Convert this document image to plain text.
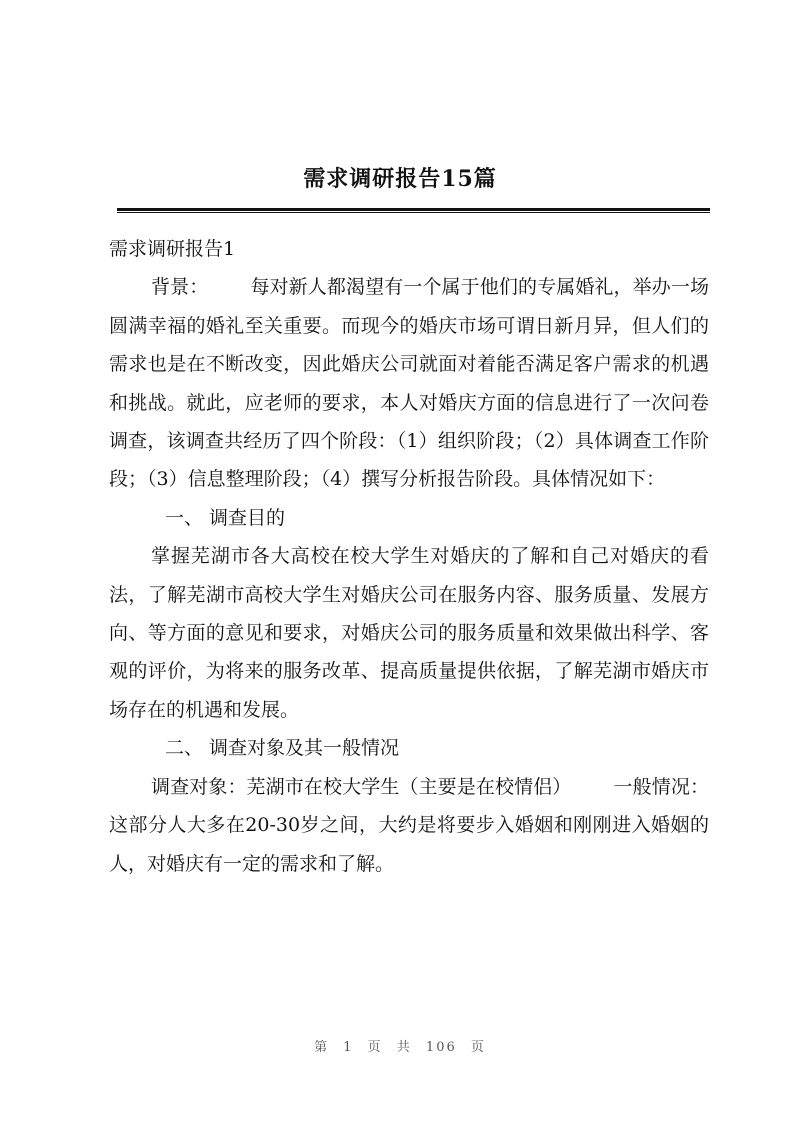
需求调研报告15篇

需求调研报告1

背景： 每对新人都渴望有一个属于他们的专属婚礼，举办一场圆满幸福的婚礼至关重要。而现今的婚庆市场可谓日新月异，但人们的需求也是在不断改变，因此婚庆公司就面对着能否满足客户需求的机遇和挑战。就此，应老师的要求，本人对婚庆方面的信息进行了一次问卷调查，该调查共经历了四个阶段：（1）组织阶段；（2）具体调查工作阶段；（3）信息整理阶段；（4）撰写分析报告阶段。具体情况如下：

一、 调查目的

掌握芜湖市各大高校在校大学生对婚庆的了解和自己对婚庆的看法，了解芜湖市高校大学生对婚庆公司在服务内容、服务质量、发展方向、等方面的意见和要求，对婚庆公司的服务质量和效果做出科学、客观的评价，为将来的服务改革、提高质量提供依据，了解芜湖市婚庆市场存在的机遇和发展。

二、 调查对象及其一般情况

调查对象：芜湖市在校大学生（主要是在校情侣） 一般情况：这部分人大多在20-30岁之间，大约是将要步入婚姻和刚刚进入婚姻的人，对婚庆有一定的需求和了解。

第 1 页 共 106 页
